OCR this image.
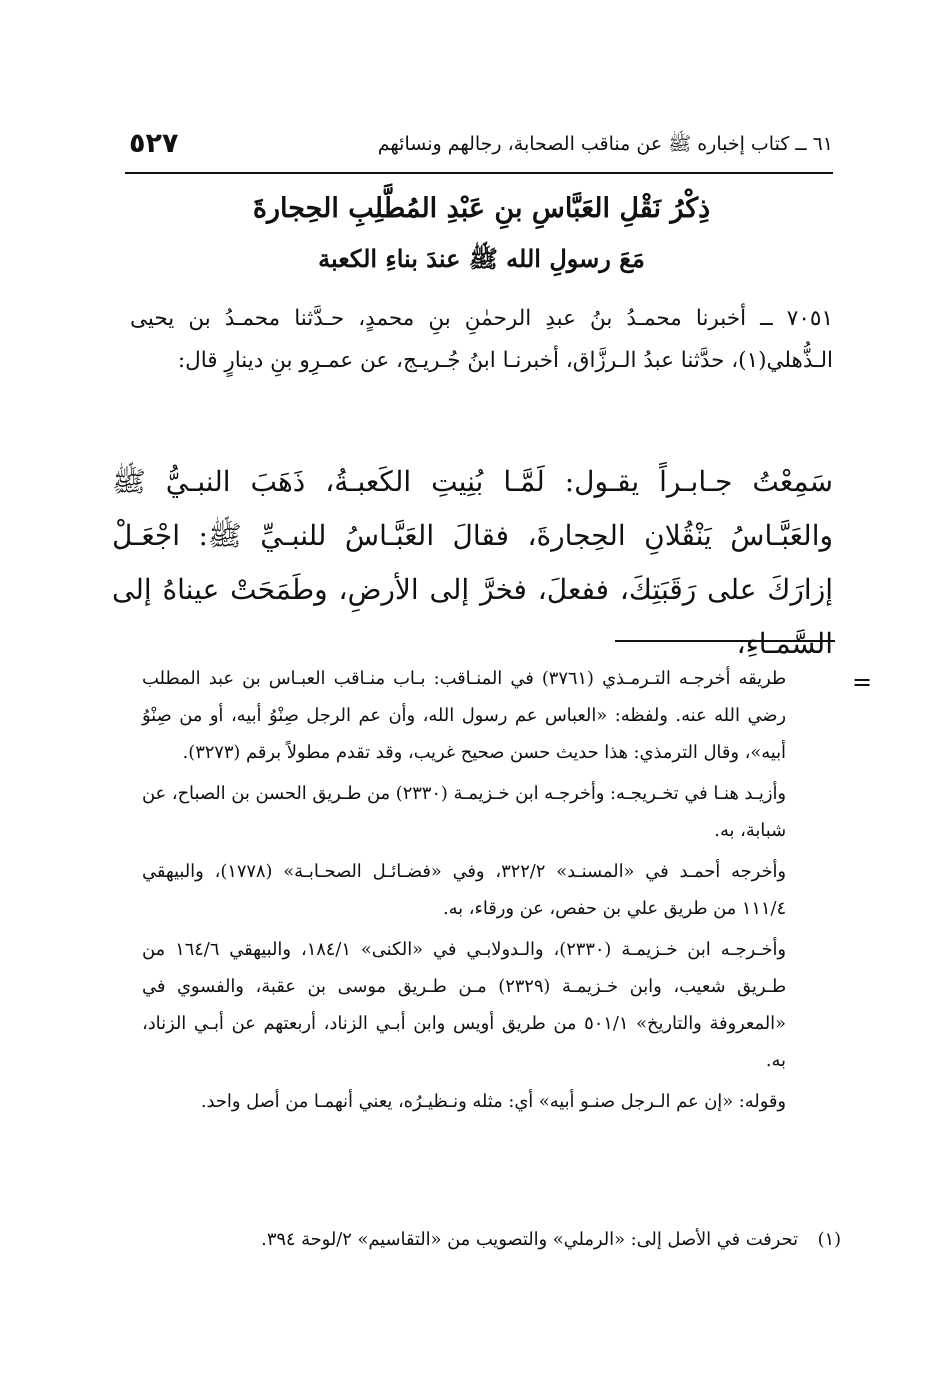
٦١ ــ كتاب إخباره ﷺ عن مناقب الصحابة، رجالهم ونسائهم
٥٢٧
ذِكْرُ نَقْلِ العَبَّاسِ بنِ عَبْدِ المُطَّلِبِ الحِجارةَ
مَعَ رسولِ الله ﷺ عندَ بناءِ الكعبة
٧٠٥١ ــ أخبرنا محمـدُ بنُ عبدِ الرحمٰنِ بنِ محمدٍ، حـدَّثنا محمـدُ بن يحيى الـذُّهلي(١)، حدَّثنا عبدُ الـرزَّاق، أخبرنـا ابنُ جُـريـج، عن عمـرِو بنِ دينارٍ قال:
سَمِعْتُ جـابـراً يقـول: لَمَّـا بُنِيتِ الكَعبـةُ، ذَهَبَ النبـيُّ ﷺ والعَبَّـاسُ يَنْقُلانِ الحِجارةَ، فقالَ العَبَّـاسُ للنبـيِّ ﷺ: اجْعَـلْ إزارَكَ على رَقَبَتِكَ، ففعلَ، فخرَّ إلى الأرضِ، وطَمَحَتْ عيناهُ إلى السَّمـاءِ،
=

طريقه أخرجـه التـرمـذي (٣٧٦١) في المنـاقب: بـاب منـاقب العبـاس بن عبد المطلب رضي الله عنه. ولفظه: «العباس عم رسول الله، وأن عم الرجل صِنْوُ أبيه، أو من صِنْوُ أبيه»، وقال الترمذي: هذا حديث حسن صحيح غريب، وقد تقدم مطولاً برقم (٣٢٧٣).

وأزيـد هنـا في تخـريجـه: وأخرجـه ابن خـزيمـة (٢٣٣٠) من طـريق الحسن بن الصباح، عن شبابة، به.

وأخرجه أحمـد في «المسنـد» ٣٢٢/٢، وفي «فضـائـل الصحـابـة» (١٧٧٨)، والبيهقي ١١١/٤ من طريق علي بن حفص، عن ورقاء، به.

وأخـرجـه ابن خـزيمـة (٢٣٣٠)، والـدولابـي في «الكنى» ١٨٤/١، والبيهقي ١٦٤/٦ من طـريق شعيب، وابن خـزيمـة (٢٣٢٩) مـن طـريق موسى بن عقبة، والفسوي في «المعروفة والتاريخ» ٥٠١/١ من طريق أويس وابن أبـي الزناد، أربعتهم عن أبـي الزناد، به.

وقوله: «إن عم الـرجل صنـو أبيه» أي: مثله ونـظيـرُه، يعني أنهمـا من أصل واحد.

(١) تحرفت في الأصل إلى: «الرملي» والتصويب من «التقاسيم» ٢/لوحة ٣٩٤.
